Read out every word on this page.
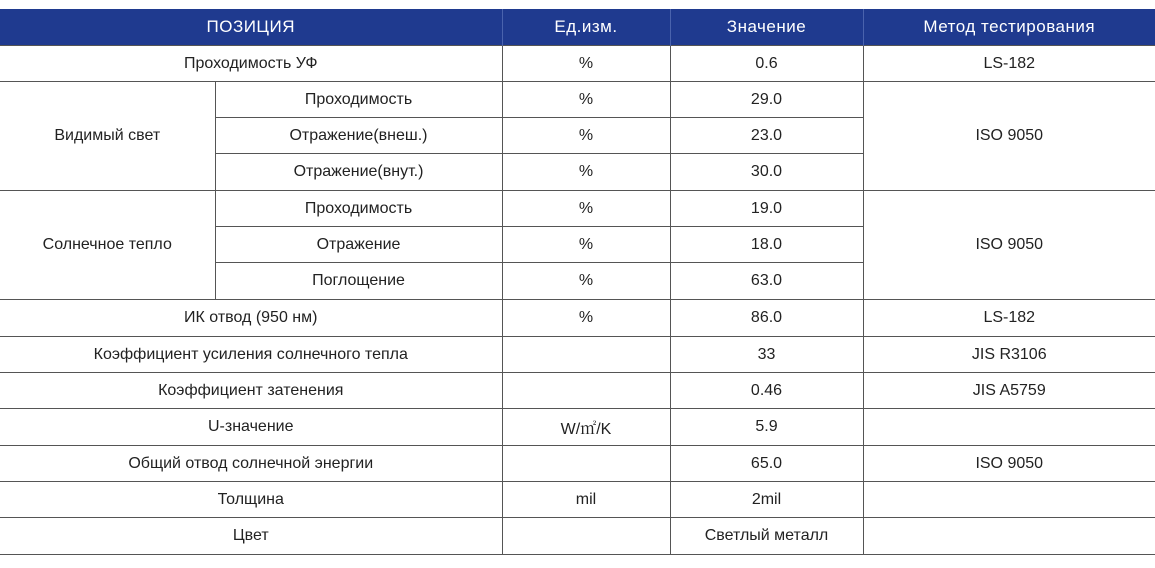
ПОЗИЦИЯ		Ед.изм.	Значение	Метод тестирования
Проходимость УФ		%	0.6	LS-182
Видимый свет	Проходимость	%	29.0	ISO 9050
	Отражение(внеш.)	%	23.0	
	Отражение(внут.)	%	30.0	
Солнечное тепло	Проходимость	%	19.0	ISO 9050
	Отражение	%	18.0	
	Поглощение	%	63.0	
ИК отвод (950 нм)		%	86.0	LS-182
Коэффициент усиления солнечного тепла			33	JIS R3106
Коэффициент затенения			0.46	JIS A5759
U-значение		W/㎡/K	5.9	
Общий отвод солнечной энергии			65.0	ISO 9050
Толщина		mil	2mil	
Цвет			Светлый металл	
